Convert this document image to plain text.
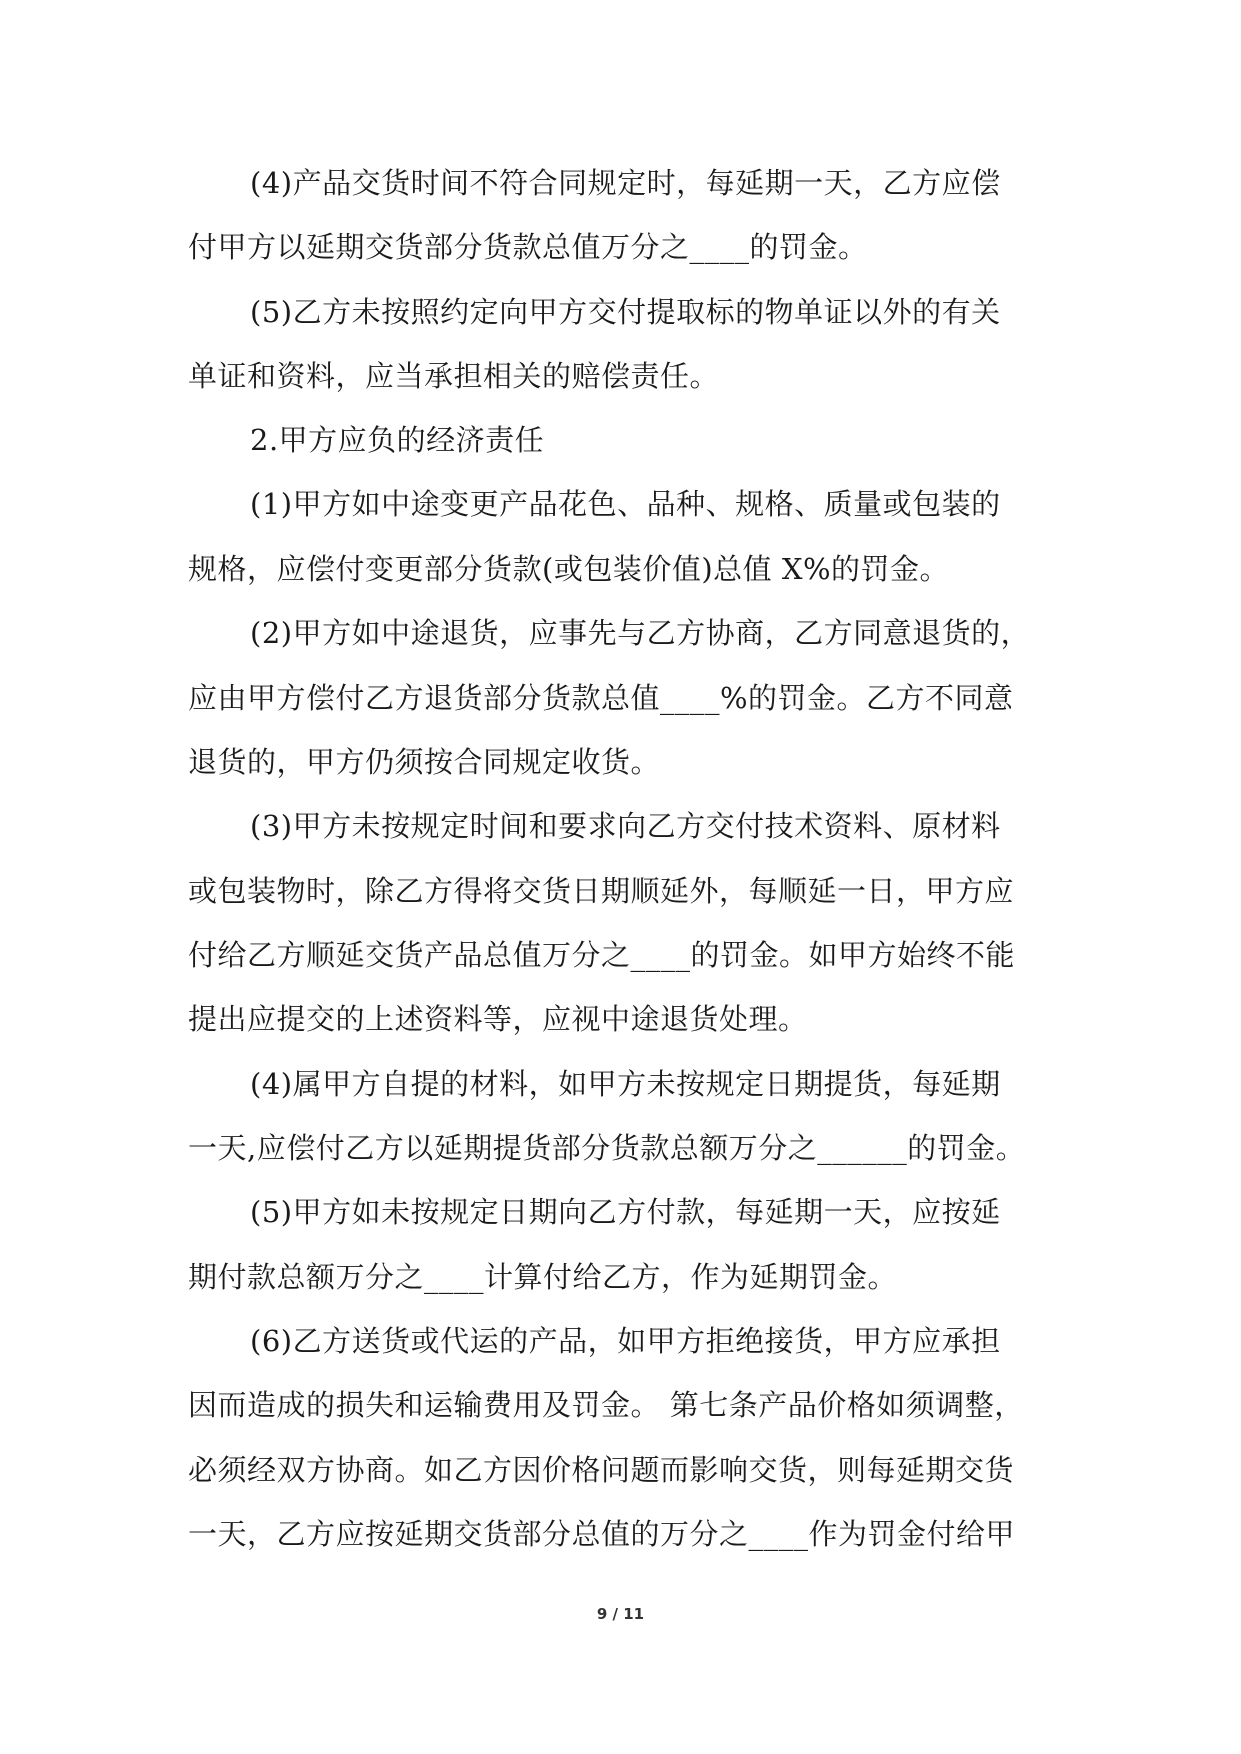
(4)产品交货时间不符合同规定时，每延期一天，乙方应偿
付甲方以延期交货部分货款总值万分之____的罚金。
(5)乙方未按照约定向甲方交付提取标的物单证以外的有关
单证和资料，应当承担相关的赔偿责任。
2.甲方应负的经济责任
(1)甲方如中途变更产品花色、品种、规格、质量或包装的
规格，应偿付变更部分货款(或包装价值)总值 X%的罚金。
(2)甲方如中途退货，应事先与乙方协商，乙方同意退货的，
应由甲方偿付乙方退货部分货款总值____%的罚金。乙方不同意
退货的，甲方仍须按合同规定收货。
(3)甲方未按规定时间和要求向乙方交付技术资料、原材料
或包装物时，除乙方得将交货日期顺延外，每顺延一日，甲方应
付给乙方顺延交货产品总值万分之____的罚金。如甲方始终不能
提出应提交的上述资料等，应视中途退货处理。
(4)属甲方自提的材料，如甲方未按规定日期提货，每延期
一天,应偿付乙方以延期提货部分货款总额万分之______的罚金。
(5)甲方如未按规定日期向乙方付款，每延期一天，应按延
期付款总额万分之____计算付给乙方，作为延期罚金。
(6)乙方送货或代运的产品，如甲方拒绝接货，甲方应承担
因而造成的损失和运输费用及罚金。 第七条产品价格如须调整，
必须经双方协商。如乙方因价格问题而影响交货，则每延期交货
一天，乙方应按延期交货部分总值的万分之____作为罚金付给甲
9 / 11
